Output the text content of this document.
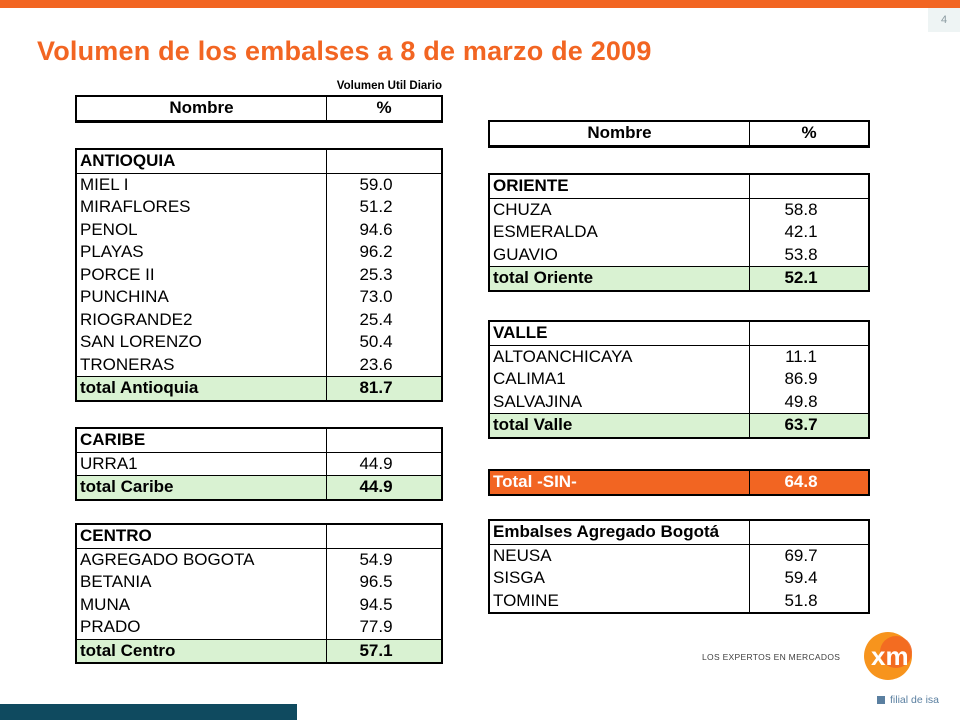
4
Volumen de los embalses a 8 de marzo de 2009
Volumen Util Diario
Nombre	%
ANTIOQUIA
MIEL I	59.0
MIRAFLORES	51.2
PENOL	94.6
PLAYAS	96.2
PORCE II	25.3
PUNCHINA	73.0
RIOGRANDE2	25.4
SAN LORENZO	50.4
TRONERAS	23.6
total Antioquia	81.7
CARIBE
URRA1	44.9
total Caribe	44.9
CENTRO
AGREGADO BOGOTA	54.9
BETANIA	96.5
MUNA	94.5
PRADO	77.9
total Centro	57.1
Nombre	%
ORIENTE
CHUZA	58.8
ESMERALDA	42.1
GUAVIO	53.8
total Oriente	52.1
VALLE
ALTOANCHICAYA	11.1
CALIMA1	86.9
SALVAJINA	49.8
total Valle	63.7
Total -SIN-	64.8
Embalses Agregado Bogotá
NEUSA	69.7
SISGA	59.4
TOMINE	51.8
LOS EXPERTOS EN MERCADOS xm
filial de isa
